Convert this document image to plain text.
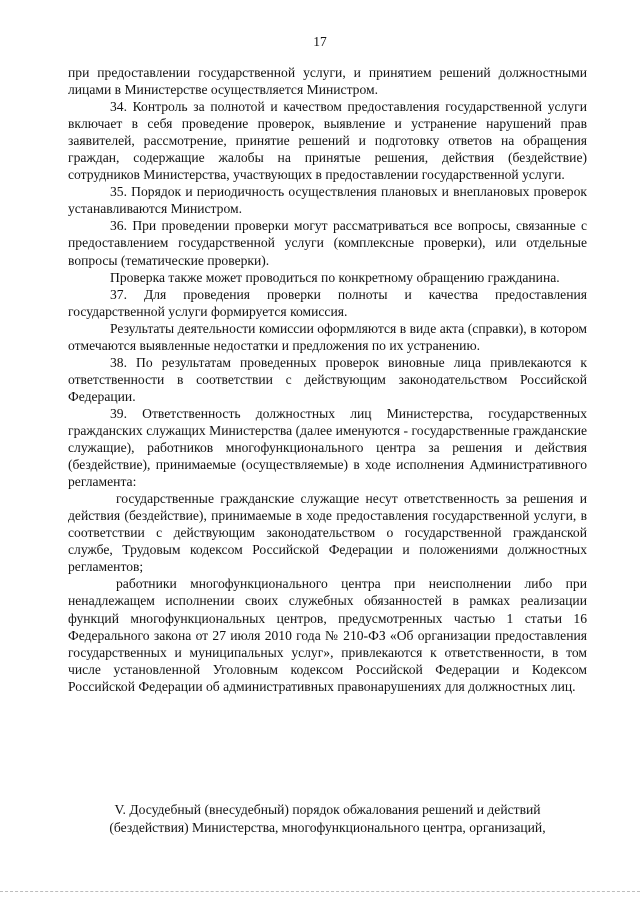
17

при предоставлении государственной услуги, и принятием решений должностными лицами в Министерстве осуществляется Министром.

34. Контроль за полнотой и качеством предоставления государственной услуги включает в себя проведение проверок, выявление и устранение нарушений прав заявителей, рассмотрение, принятие решений и подготовку ответов на обращения граждан, содержащие жалобы на принятые решения, действия (бездействие) сотрудников Министерства, участвующих в предоставлении государственной услуги.

35. Порядок и периодичность осуществления плановых и внеплановых проверок устанавливаются Министром.

36. При проведении проверки могут рассматриваться все вопросы, связанные с предоставлением государственной услуги (комплексные проверки), или отдельные вопросы (тематические проверки).

Проверка также может проводиться по конкретному обращению гражданина.

37. Для проведения проверки полноты и качества предоставления государственной услуги формируется комиссия.

Результаты деятельности комиссии оформляются в виде акта (справки), в котором отмечаются выявленные недостатки и предложения по их устранению.

38. По результатам проведенных проверок виновные лица привлекаются к ответственности в соответствии с действующим законодательством Российской Федерации.

39. Ответственность должностных лиц Министерства, государственных гражданских служащих Министерства (далее именуются - государственные гражданские служащие), работников многофункционального центра за решения и действия (бездействие), принимаемые (осуществляемые) в ходе исполнения Административного регламента:

государственные гражданские служащие несут ответственность за решения и действия (бездействие), принимаемые в ходе предоставления государственной услуги, в соответствии с действующим законодательством о государственной гражданской службе, Трудовым кодексом Российской Федерации и положениями должностных регламентов;

работники многофункционального центра при неисполнении либо при ненадлежащем исполнении своих служебных обязанностей в рамках реализации функций многофункциональных центров, предусмотренных частью 1 статьи 16 Федерального закона от 27 июля 2010 года № 210-ФЗ «Об организации предоставления государственных и муниципальных услуг», привлекаются к ответственности, в том числе установленной Уголовным кодексом Российской Федерации и Кодексом Российской Федерации об административных правонарушениях для должностных лиц.

V. Досудебный (внесудебный) порядок обжалования решений и действий
(бездействия) Министерства, многофункционального центра, организаций,
